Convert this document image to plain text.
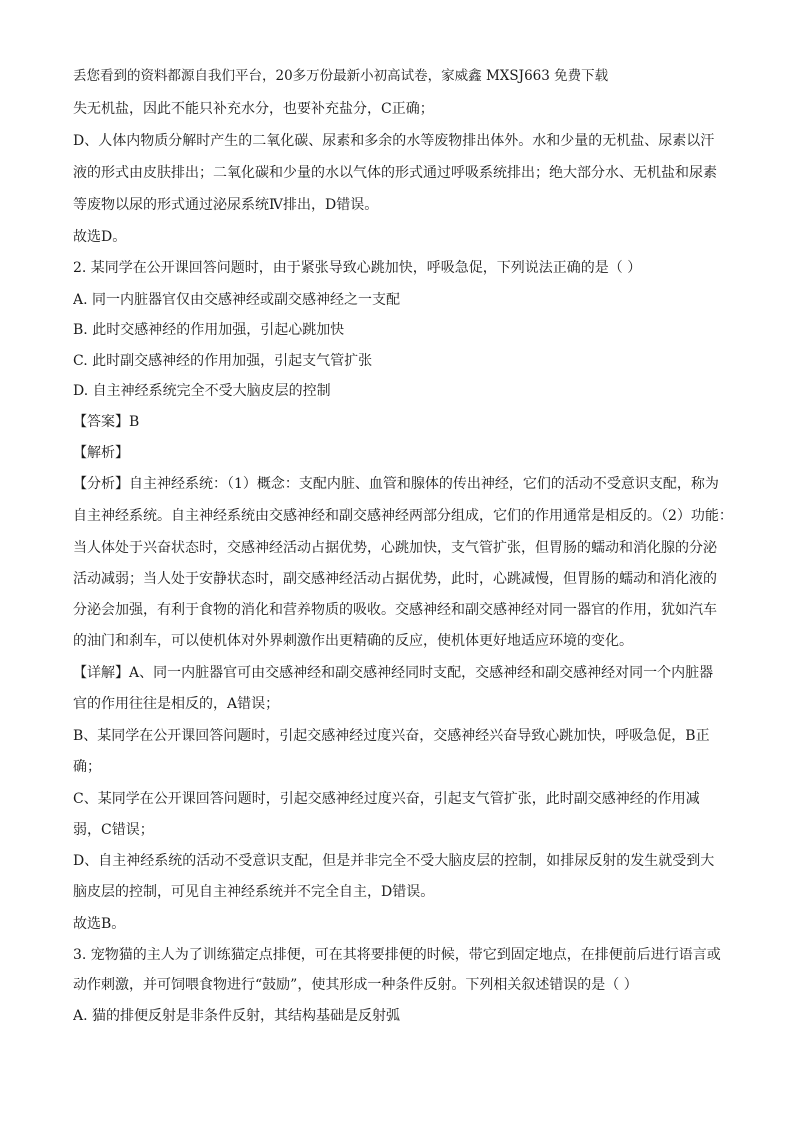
丢您看到的资料都源自我们平台，20多万份最新小初高试卷，家威鑫 MXSJ663 免费下载
失无机盐，因此不能只补充水分，也要补充盐分，C正确；
D、人体内物质分解时产生的二氧化碳、尿素和多余的水等废物排出体外。水和少量的无机盐、尿素以汗
液的形式由皮肤排出；二氧化碳和少量的水以气体的形式通过呼吸系统排出；绝大部分水、无机盐和尿素
等废物以尿的形式通过泌尿系统Ⅳ排出，D错误。
故选D。
2. 某同学在公开课回答问题时，由于紧张导致心跳加快，呼吸急促，下列说法正确的是（ ）
A. 同一内脏器官仅由交感神经或副交感神经之一支配
B. 此时交感神经的作用加强，引起心跳加快
C. 此时副交感神经的作用加强，引起支气管扩张
D. 自主神经系统完全不受大脑皮层的控制
【答案】B
【解析】
【分析】自主神经系统：（1）概念：支配内脏、血管和腺体的传出神经，它们的活动不受意识支配，称为
自主神经系统。自主神经系统由交感神经和副交感神经两部分组成，它们的作用通常是相反的。（2）功能：
当人体处于兴奋状态时，交感神经活动占据优势，心跳加快，支气管扩张，但胃肠的蠕动和消化腺的分泌
活动减弱；当人处于安静状态时，副交感神经活动占据优势，此时，心跳减慢，但胃肠的蠕动和消化液的
分泌会加强，有利于食物的消化和营养物质的吸收。交感神经和副交感神经对同一器官的作用，犹如汽车
的油门和刹车，可以使机体对外界刺激作出更精确的反应，使机体更好地适应环境的变化。
【详解】A、同一内脏器官可由交感神经和副交感神经同时支配，交感神经和副交感神经对同一个内脏器
官的作用往往是相反的，A错误；
B、某同学在公开课回答问题时，引起交感神经过度兴奋，交感神经兴奋导致心跳加快，呼吸急促，B正
确；
C、某同学在公开课回答问题时，引起交感神经过度兴奋，引起支气管扩张，此时副交感神经的作用减
弱，C错误；
D、自主神经系统的活动不受意识支配，但是并非完全不受大脑皮层的控制，如排尿反射的发生就受到大
脑皮层的控制，可见自主神经系统并不完全自主，D错误。
故选B。
3. 宠物猫的主人为了训练猫定点排便，可在其将要排便的时候，带它到固定地点，在排便前后进行语言或
动作刺激，并可饲喂食物进行“鼓励”，使其形成一种条件反射。下列相关叙述错误的是（ ）
A. 猫的排便反射是非条件反射，其结构基础是反射弧
